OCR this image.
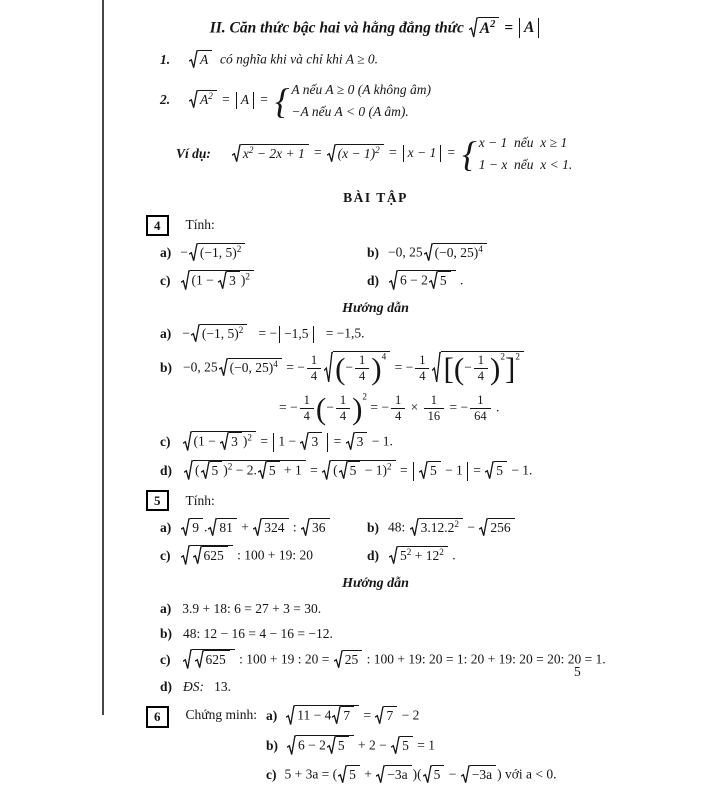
II. Căn thức bậc hai và hằng đẳng thức $A^2 = A$
1.	A  có nghĩa khi và chỉ khi A ≥ 0.
2.	$A^2 = A$ = { A nếu A ≥ 0 (A không âm)
−A nếu A < 0 (A âm).
Ví dụ: $x^2 - 2x + 1 = (x - 1)^2 = x - 1$ = { x − 1 nếu x ≥ 1
1 − x nếu x < 1.
BÀI TẬP
4	Tính:
a) − (−1, 5)$^2$	b) −0, 25 (−0, 25)$^4$
c) (1 − 3 )$^2$	d) 6 − 2 5 .
Hướng dẫn
a) − (−1, 5)$^2$   = − −1,5  = −1,5.
b) −0, 25 (−0, 25)$^4$ = − $\frac{1}{4}$ ( − $\frac{1}{4}$ ) $^4$
= − $\frac{1}{4}$ [ ( − $\frac{1}{4}$ ) $^2$ ] $^2$
= − $\frac{1}{4}$ ( − $\frac{1}{4}$ ) $^2$ = − $\frac{1}{4} \times \frac{1}{16}$ = − $\frac{1}{64}$ .
c) (1 − 3 )$^2$ = 1 − 3 = 3 − 1.
d) ( 5 )$^2$ − 2. 5 + 1 = ( 5 − 1)$^2$ = 5 − 1 = 5 − 1.
5	Tính:
a) 9 . 81 + 324 : 36	b) 48: $3.12.2^2 - 256$
c) 625 : 100 + 19: 20	d) $5^2 + 12^2$ .
Hướng dẫn
a) 3.9 + 18: 6 = 27 + 3 = 30.
b) 48: 12 − 16 = 4 − 16 = −12.
c)	625 : 100 + 19 : 20 = 25 : 100 + 19: 20 = 1: 20 + 19: 20 = 20: 20 = 1.
d) ĐS:  13.
6	Chứng minh: a) 11 − 4 7 = 7 − 2
b) 6 − 2 5 + 2 − 5 = 1
c) 5 + 3a = ( 5 + −3a )( 5 − −3a ) với a < 0.
5
